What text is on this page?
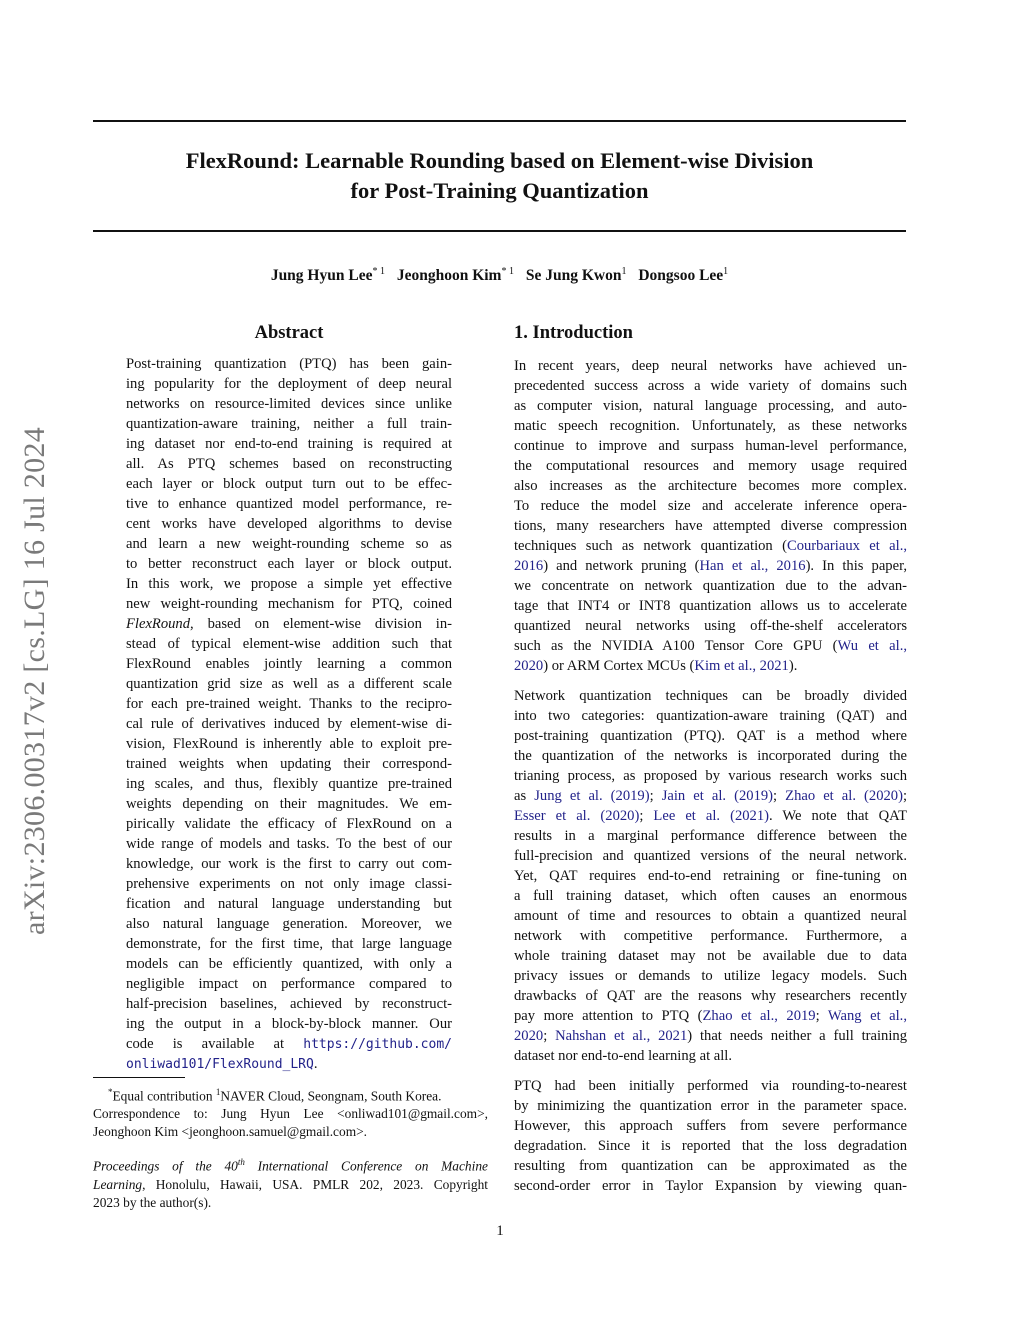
FlexRound: Learnable Rounding based on Element-wise Division
for Post-Training Quantization
Jung Hyun Lee$^{* 1}$ Jeonghoon Kim$^{* 1}$ Se Jung Kwon$^1$ Dongsoo Lee$^1$
arXiv:2306.00317v2 [cs.LG] 16 Jul 2024
Abstract
Post-training quantization (PTQ) has been gain-
ing popularity for the deployment of deep neural
networks on resource-limited devices since unlike
quantization-aware training, neither a full train-
ing dataset nor end-to-end training is required at
all. As PTQ schemes based on reconstructing
each layer or block output turn out to be effec-
tive to enhance quantized model performance, re-
cent works have developed algorithms to devise
and learn a new weight-rounding scheme so as
to better reconstruct each layer or block output.
In this work, we propose a simple yet effective
new weight-rounding mechanism for PTQ, coined
FlexRound, based on element-wise division in-
stead of typical element-wise addition such that
FlexRound enables jointly learning a common
quantization grid size as well as a different scale
for each pre-trained weight. Thanks to the recipro-
cal rule of derivatives induced by element-wise di-
vision, FlexRound is inherently able to exploit pre-
trained weights when updating their correspond-
ing scales, and thus, flexibly quantize pre-trained
weights depending on their magnitudes. We em-
pirically validate the efficacy of FlexRound on a
wide range of models and tasks. To the best of our
knowledge, our work is the first to carry out com-
prehensive experiments on not only image classi-
fication and natural language understanding but
also natural language generation. Moreover, we
demonstrate, for the first time, that large language
models can be efficiently quantized, with only a
negligible impact on performance compared to
half-precision baselines, achieved by reconstruct-
ing the output in a block-by-block manner. Our
code is available at https://github.com/
onliwad101/FlexRound_LRQ.
*Equal contribution $^1$NAVER Cloud, Seongnam, South Korea.
Correspondence to: Jung Hyun Lee <onliwad101@gmail.com>,
Jeonghoon Kim <jeonghoon.samuel@gmail.com>.
Proceedings of the 40th International Conference on Machine
Learning, Honolulu, Hawaii, USA. PMLR 202, 2023. Copyright
2023 by the author(s).
1. Introduction
In recent years, deep neural networks have achieved un-
precedented success across a wide variety of domains such
as computer vision, natural language processing, and auto-
matic speech recognition. Unfortunately, as these networks
continue to improve and surpass human-level performance,
the computational resources and memory usage required
also increases as the architecture becomes more complex.
To reduce the model size and accelerate inference opera-
tions, many researchers have attempted diverse compression
techniques such as network quantization (Courbariaux et al.,
2016) and network pruning (Han et al., 2016). In this paper,
we concentrate on network quantization due to the advan-
tage that INT4 or INT8 quantization allows us to accelerate
quantized neural networks using off-the-shelf accelerators
such as the NVIDIA A100 Tensor Core GPU (Wu et al.,
2020) or ARM Cortex MCUs (Kim et al., 2021).
Network quantization techniques can be broadly divided
into two categories: quantization-aware training (QAT) and
post-training quantization (PTQ). QAT is a method where
the quantization of the networks is incorporated during the
trianing process, as proposed by various research works such
as Jung et al. (2019); Jain et al. (2019); Zhao et al. (2020);
Esser et al. (2020); Lee et al. (2021). We note that QAT
results in a marginal performance difference between the
full-precision and quantized versions of the neural network.
Yet, QAT requires end-to-end retraining or fine-tuning on
a full training dataset, which often causes an enormous
amount of time and resources to obtain a quantized neural
network with competitive performance. Furthermore, a
whole training dataset may not be available due to data
privacy issues or demands to utilize legacy models. Such
drawbacks of QAT are the reasons why researchers recently
pay more attention to PTQ (Zhao et al., 2019; Wang et al.,
2020; Nahshan et al., 2021) that needs neither a full training
dataset nor end-to-end learning at all.
PTQ had been initially performed via rounding-to-nearest
by minimizing the quantization error in the parameter space.
However, this approach suffers from severe performance
degradation. Since it is reported that the loss degradation
resulting from quantization can be approximated as the
second-order error in Taylor Expansion by viewing quan-
1
